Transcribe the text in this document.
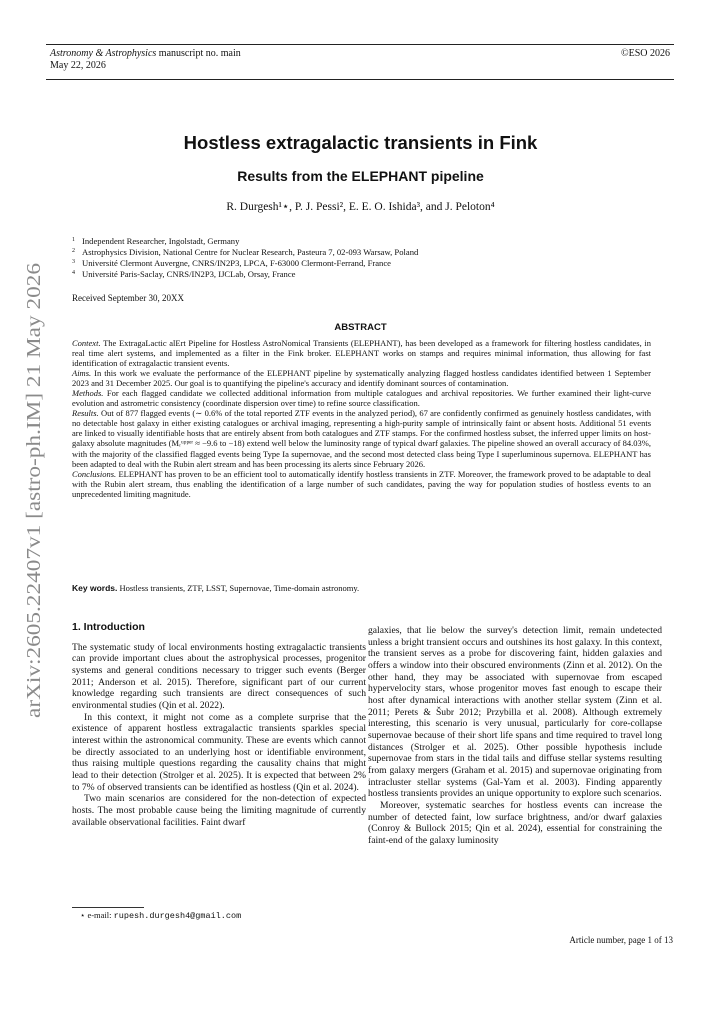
Astronomy & Astrophysics manuscript no. main
May 22, 2026
©ESO 2026
arXiv:2605.22407v1 [astro-ph.IM] 21 May 2026
Hostless extragalactic transients in Fink
Results from the ELEPHANT pipeline
R. Durgesh¹⋆, P. J. Pessi², E. E. O. Ishida³, and J. Peloton⁴
$^1$ Independent Researcher, Ingolstadt, Germany
$^2$ Astrophysics Division, National Centre for Nuclear Research, Pasteura 7, 02-093 Warsaw, Poland
$^3$ Université Clermont Auvergne, CNRS/IN2P3, LPCA, F-63000 Clermont-Ferrand, France
$^4$ Université Paris-Saclay, CNRS/IN2P3, IJCLab, Orsay, France
Received September 30, 20XX
ABSTRACT
Context. The ExtragaLactic alErt Pipeline for Hostless AstroNomical Transients (ELEPHANT), has been developed as a framework for filtering hostless candidates, in real time alert systems, and implemented as a filter in the Fink broker. ELEPHANT works on stamps and requires minimal information, thus allowing for fast identification of extragalactic transient events.
Aims. In this work we evaluate the performance of the ELEPHANT pipeline by systematically analyzing flagged hostless candidates identified between 1 September 2023 and 31 December 2025. Our goal is to quantifying the pipeline's accuracy and identify dominant sources of contamination.
Methods. For each flagged candidate we collected additional information from multiple catalogues and archival repositories. We further examined their light-curve evolution and astrometric consistency (coordinate dispersion over time) to refine source classification.
Results. Out of 877 flagged events (∼ 0.6% of the total reported ZTF events in the analyzed period), 67 are confidently confirmed as genuinely hostless candidates, with no detectable host galaxy in either existing catalogues or archival imaging, representing a high-purity sample of intrinsically faint or absent hosts. Additional 51 events are linked to visually identifiable hosts that are entirely absent from both catalogues and ZTF stamps. For the confirmed hostless subset, the inferred upper limits on host-galaxy absolute magnitudes (Mᵣᵘᵖᵖᵉʳ ≈ −9.6 to −18) extend well below the luminosity range of typical dwarf galaxies. The pipeline showed an overall accuracy of 84.03%, with the majority of the classified flagged events being Type Ia supernovae, and the second most detected class being Type I superluminous supernova. ELEPHANT has been adapted to deal with the Rubin alert stream and has been processing its alerts since February 2026.
Conclusions. ELEPHANT has proven to be an efficient tool to automatically identify hostless transients in ZTF. Moreover, the framework proved to be adaptable to deal with the Rubin alert stream, thus enabling the identification of a large number of such candidates, paving the way for population studies of hostless events to an unprecedented limiting magnitude.
Key words. Hostless transients, ZTF, LSST, Supernovae, Time-domain astronomy.
1. Introduction

The systematic study of local environments hosting extragalactic transients can provide important clues about the astrophysical processes, progenitor systems and general conditions necessary to trigger such events (Berger 2011; Anderson et al. 2015). Therefore, significant part of our current knowledge regarding such transients are direct consequences of such environmental studies (Qin et al. 2022).

In this context, it might not come as a complete surprise that the existence of apparent hostless extragalactic transients sparkles special interest within the astronomical community. These are events which cannot be directly associated to an underlying host or identifiable environment, thus raising multiple questions regarding the causality chains that might lead to their detection (Strolger et al. 2025). It is expected that between 2% to 7% of observed transients can be identified as hostless (Qin et al. 2024).

Two main scenarios are considered for the non-detection of expected hosts. The most probable cause being the limiting magnitude of currently available observational facilities. Faint dwarf

galaxies, that lie below the survey's detection limit, remain undetected unless a bright transient occurs and outshines its host galaxy. In this context, the transient serves as a probe for discovering faint, hidden galaxies and offers a window into their obscured environments (Zinn et al. 2012). On the other hand, they may be associated with supernovae from escaped hypervelocity stars, whose progenitor moves fast enough to escape their host after dynamical interactions with another stellar system (Zinn et al. 2011; Perets & Šubr 2012; Przybilla et al. 2008). Although extremely interesting, this scenario is very unusual, particularly for core-collapse supernovae because of their short life spans and time required to travel long distances (Strolger et al. 2025). Other possible hypothesis include supernovae from stars in the tidal tails and diffuse stellar systems resulting from galaxy mergers (Graham et al. 2015) and supernovae originating from intracluster stellar systems (Gal-Yam et al. 2003). Finding apparently hostless transients provides an unique opportunity to explore such scenarios.

Moreover, systematic searches for hostless events can increase the number of detected faint, low surface brightness, and/or dwarf galaxies (Conroy & Bullock 2015; Qin et al. 2024), essential for constraining the faint-end of the galaxy luminosity

⋆ e-mail: rupesh.durgesh4@gmail.com
Article number, page 1 of 13
